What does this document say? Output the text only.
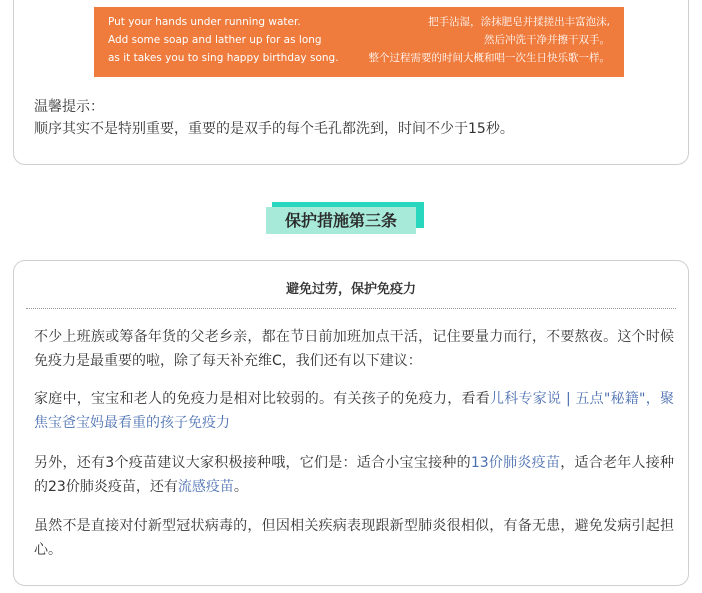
Put your hands under running water.
Add some soap and lather up for as long
as it takes you to sing happy birthday song.
把手沾湿，涂抹肥皂并揉搓出丰富泡沫,
然后冲洗干净并擦干双手。
整个过程需要的时间大概和唱一次生日快乐歌一样。
温馨提示：
顺序其实不是特别重要，重要的是双手的每个毛孔都洗到，时间不少于15秒。
保护措施第三条
避免过劳，保护免疫力

不少上班族或筹备年货的父老乡亲，都在节日前加班加点干活，记住要量力而行，不要熬夜。这个时候免疫力是最重要的啦，除了每天补充维C，我们还有以下建议：

家庭中，宝宝和老人的免疫力是相对比较弱的。有关孩子的免疫力，看看儿科专家说 | 五点"秘籍"，聚焦宝爸宝妈最看重的孩子免疫力

另外，还有3个疫苗建议大家积极接种哦，它们是：适合小宝宝接种的13价肺炎疫苗，适合老年人接种的23价肺炎疫苗，还有流感疫苗。

虽然不是直接对付新型冠状病毒的，但因相关疾病表现跟新型肺炎很相似，有备无患，避免发病引起担心。
